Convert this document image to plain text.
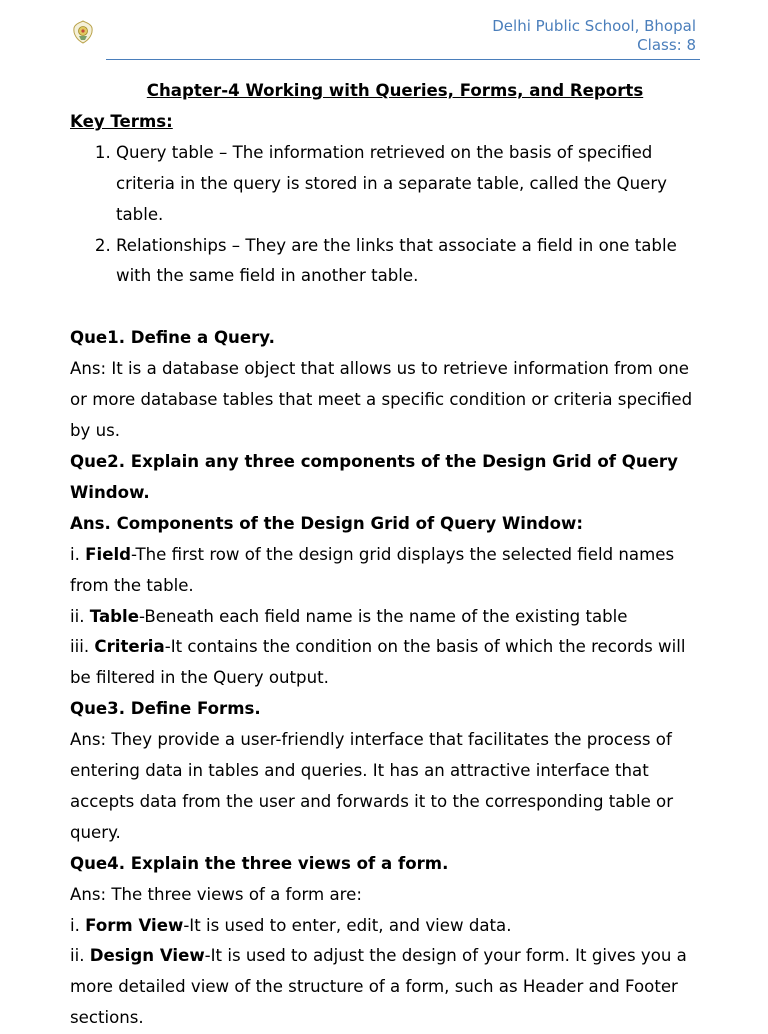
Delhi Public School, Bhopal
Class: 8
Chapter-4 Working with Queries, Forms, and Reports
Key Terms:
1. Query table – The information retrieved on the basis of specified criteria in the query is stored in a separate table, called the Query table.
2. Relationships – They are the links that associate a field in one table with the same field in another table.
Que1. Define a Query.
Ans: It is a database object that allows us to retrieve information from one or more database tables that meet a specific condition or criteria specified by us.
Que2. Explain any three components of the Design Grid of Query Window.
Ans. Components of the Design Grid of Query Window:
i. Field-The first row of the design grid displays the selected field names from the table.
ii. Table-Beneath each field name is the name of the existing table
iii. Criteria-It contains the condition on the basis of which the records will be filtered in the Query output.
Que3. Define Forms.
Ans: They provide a user-friendly interface that facilitates the process of entering data in tables and queries. It has an attractive interface that accepts data from the user and forwards it to the corresponding table or query.
Que4. Explain the three views of a form.
Ans: The three views of a form are:
i. Form View-It is used to enter, edit, and view data.
ii. Design View-It is used to adjust the design of your form. It gives you a more detailed view of the structure of a form, such as Header and Footer sections.
